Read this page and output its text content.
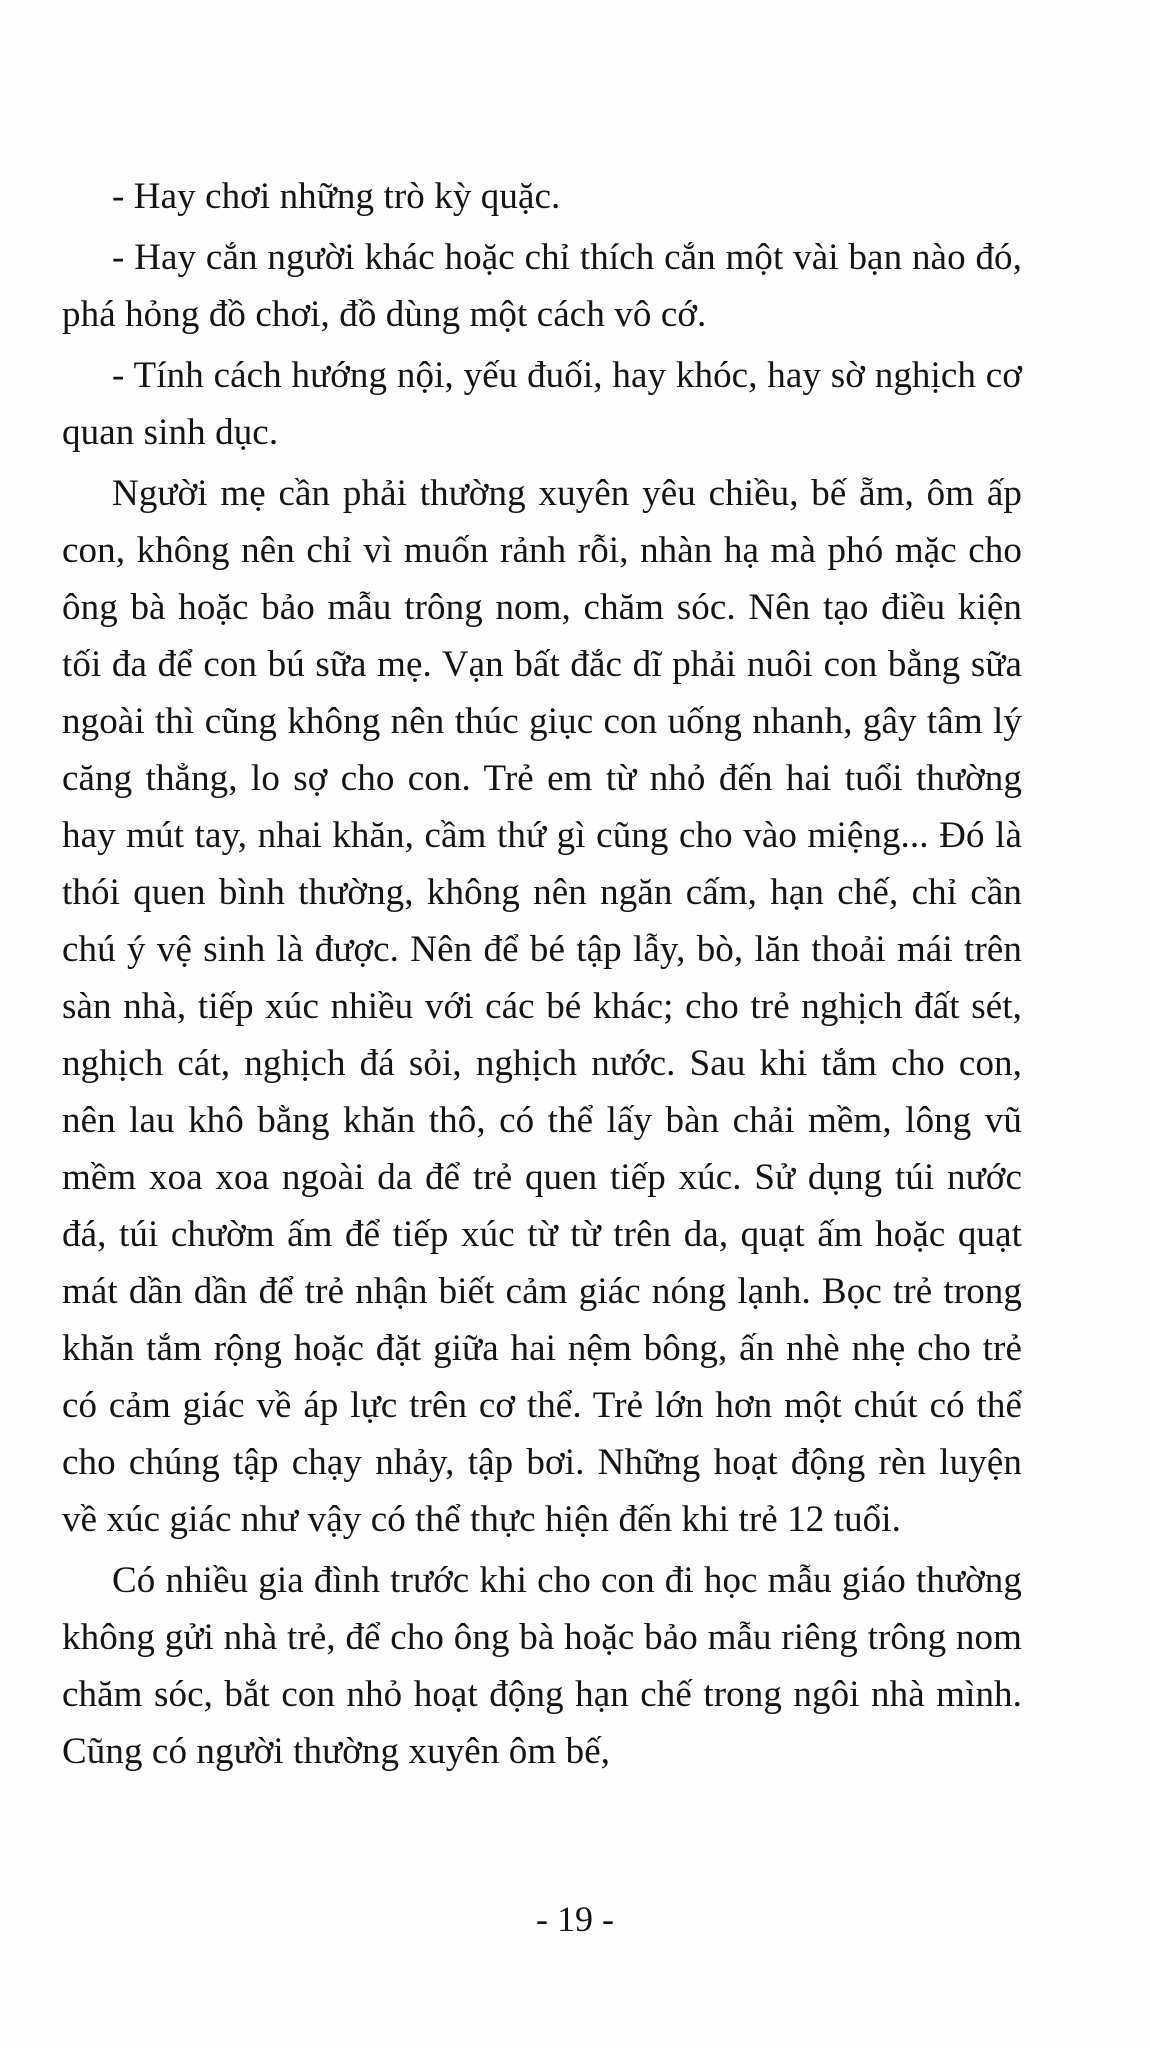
- Hay chơi những trò kỳ quặc.

- Hay cắn người khác hoặc chỉ thích cắn một vài bạn nào đó, phá hỏng đồ chơi, đồ dùng một cách vô cớ.

- Tính cách hướng nội, yếu đuối, hay khóc, hay sờ nghịch cơ quan sinh dục.

Người mẹ cần phải thường xuyên yêu chiều, bế ẵm, ôm ấp con, không nên chỉ vì muốn rảnh rỗi, nhàn hạ mà phó mặc cho ông bà hoặc bảo mẫu trông nom, chăm sóc. Nên tạo điều kiện tối đa để con bú sữa mẹ. Vạn bất đắc dĩ phải nuôi con bằng sữa ngoài thì cũng không nên thúc giục con uống nhanh, gây tâm lý căng thẳng, lo sợ cho con. Trẻ em từ nhỏ đến hai tuổi thường hay mút tay, nhai khăn, cầm thứ gì cũng cho vào miệng... Đó là thói quen bình thường, không nên ngăn cấm, hạn chế, chỉ cần chú ý vệ sinh là được. Nên để bé tập lẫy, bò, lăn thoải mái trên sàn nhà, tiếp xúc nhiều với các bé khác; cho trẻ nghịch đất sét, nghịch cát, nghịch đá sỏi, nghịch nước. Sau khi tắm cho con, nên lau khô bằng khăn thô, có thể lấy bàn chải mềm, lông vũ mềm xoa xoa ngoài da để trẻ quen tiếp xúc. Sử dụng túi nước đá, túi chườm ấm để tiếp xúc từ từ trên da, quạt ấm hoặc quạt mát dần dần để trẻ nhận biết cảm giác nóng lạnh. Bọc trẻ trong khăn tắm rộng hoặc đặt giữa hai nệm bông, ấn nhè nhẹ cho trẻ có cảm giác về áp lực trên cơ thể. Trẻ lớn hơn một chút có thể cho chúng tập chạy nhảy, tập bơi. Những hoạt động rèn luyện về xúc giác như vậy có thể thực hiện đến khi trẻ 12 tuổi.

Có nhiều gia đình trước khi cho con đi học mẫu giáo thường không gửi nhà trẻ, để cho ông bà hoặc bảo mẫu riêng trông nom chăm sóc, bắt con nhỏ hoạt động hạn chế trong ngôi nhà mình. Cũng có người thường xuyên ôm bế,

- 19 -
